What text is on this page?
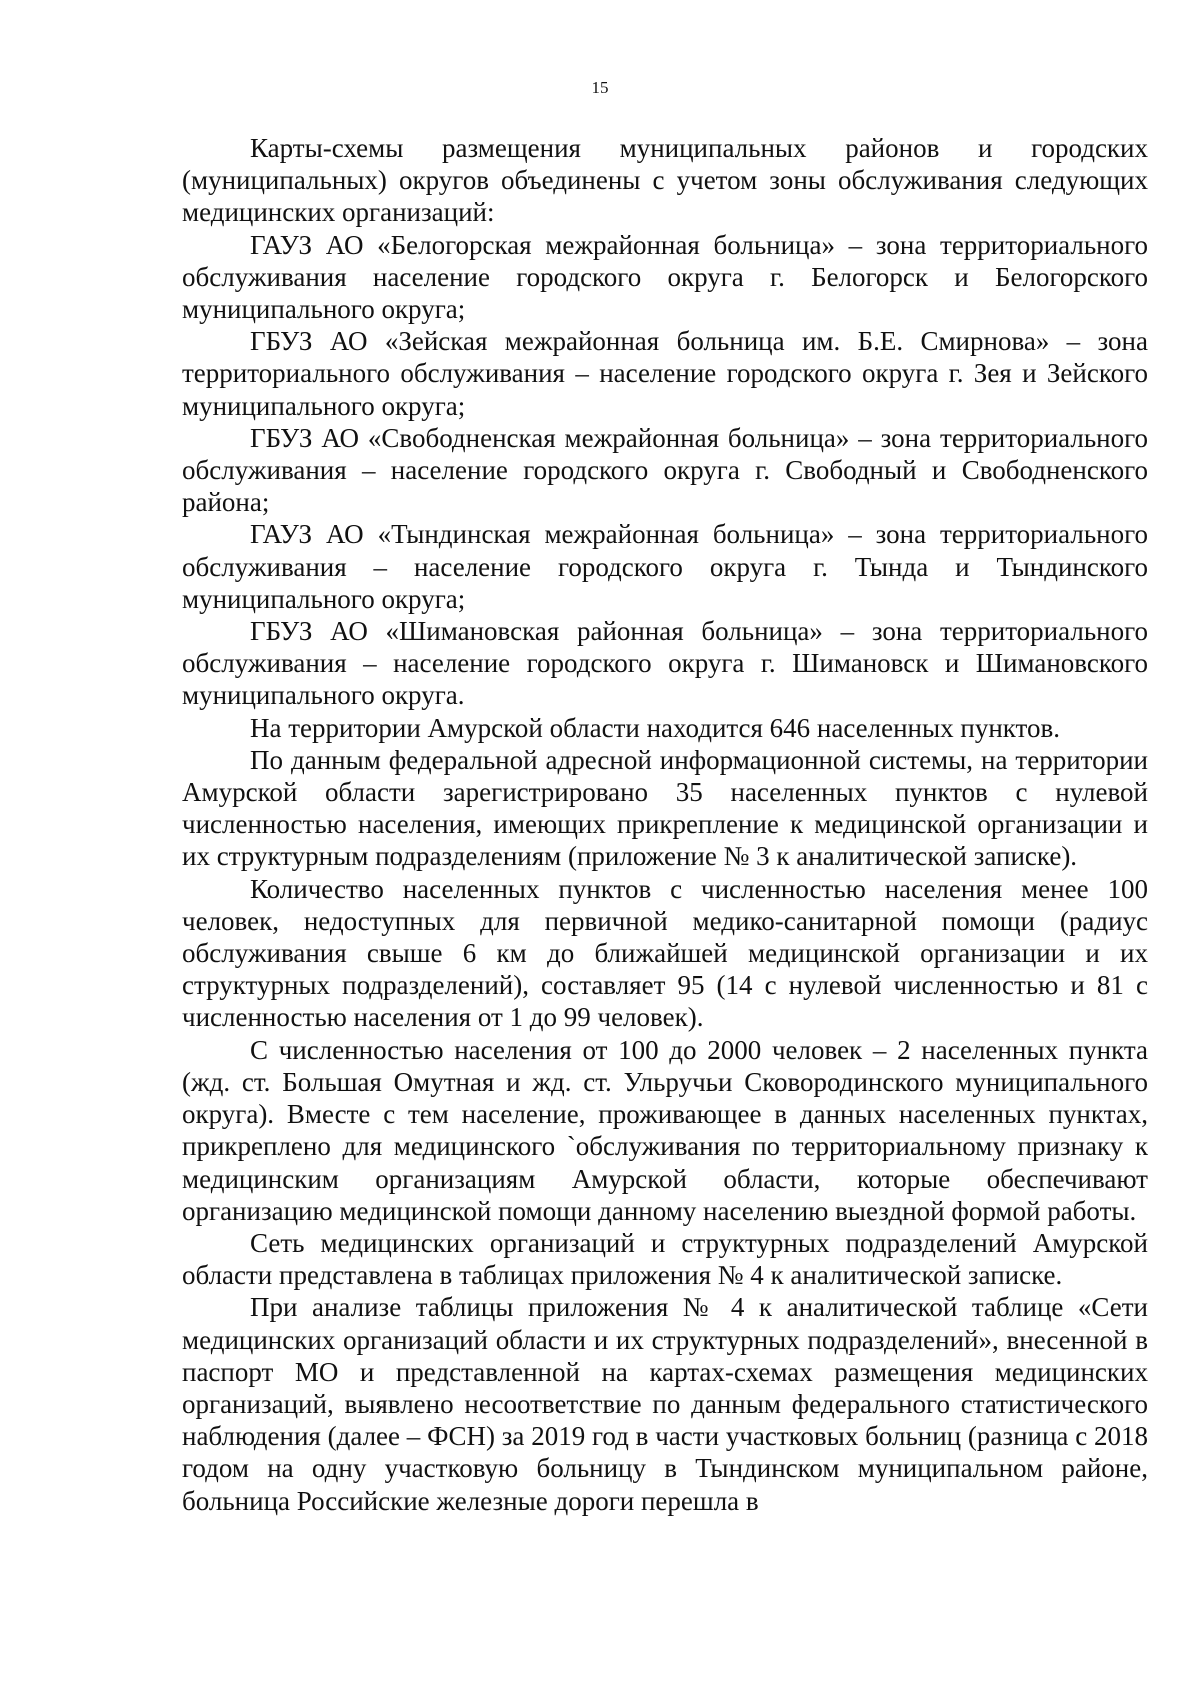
15

Карты-схемы размещения муниципальных районов и городских (муниципальных) округов объединены с учетом зоны обслуживания следующих медицинских организаций:

ГАУЗ АО «Белогорская межрайонная больница» – зона территориального обслуживания население городского округа г. Белогорск и Белогорского муниципального округа;

ГБУЗ АО «Зейская межрайонная больница им. Б.Е. Смирнова» – зона территориального обслуживания – население городского округа г. Зея и Зейского муниципального округа;

ГБУЗ АО «Свободненская межрайонная больница» – зона территориального обслуживания – население городского округа г. Свободный и Свободненского района;

ГАУЗ АО «Тындинская межрайонная больница» – зона территориального обслуживания – население городского округа г. Тында и Тындинского муниципального округа;

ГБУЗ АО «Шимановская районная больница» – зона территориального обслуживания – население городского округа г. Шимановск и Шимановского муниципального округа.

На территории Амурской области находится 646 населенных пунктов.

По данным федеральной адресной информационной системы, на территории Амурской области зарегистрировано 35 населенных пунктов с нулевой численностью населения, имеющих прикрепление к медицинской организации и их структурным подразделениям (приложение № 3 к аналитической записке).

Количество населенных пунктов с численностью населения менее 100 человек, недоступных для первичной медико-санитарной помощи (радиус обслуживания свыше 6 км до ближайшей медицинской организации и их структурных подразделений), составляет 95 (14 с нулевой численностью и 81 с численностью населения от 1 до 99 человек).

С численностью населения от 100 до 2000 человек – 2 населенных пункта (жд. ст. Большая Омутная и жд. ст. Ульручьи Сковородинского муниципального округа). Вместе с тем население, проживающее в данных населенных пунктах, прикреплено для медицинского `обслуживания по территориальному признаку к медицинским организациям Амурской области, которые обеспечивают организацию медицинской помощи данному населению выездной формой работы.

Сеть медицинских организаций и структурных подразделений Амурской области представлена в таблицах приложения № 4 к аналитической записке.

При анализе таблицы приложения № 4 к аналитической таблице «Сети медицинских организаций области и их структурных подразделений», внесенной в паспорт МО и представленной на картах-схемах размещения медицинских организаций, выявлено несоответствие по данным федерального статистического наблюдения (далее – ФСН) за 2019 год в части участковых больниц (разница с 2018 годом на одну участковую больницу в Тындинском муниципальном районе, больница Российские железные дороги перешла в
